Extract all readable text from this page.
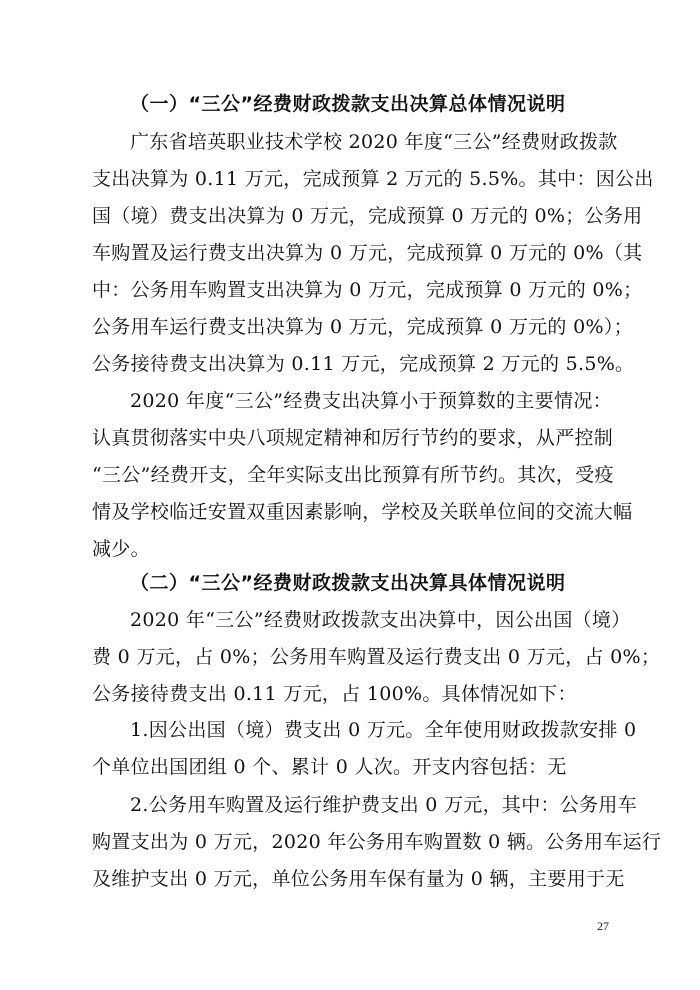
（一）“三公”经费财政拨款支出决算总体情况说明
广东省培英职业技术学校 2020 年度“三公”经费财政拨款
支出决算为 0.11 万元，完成预算 2 万元的 5.5%。其中：因公出
国（境）费支出决算为 0 万元，完成预算 0 万元的 0%；公务用
车购置及运行费支出决算为 0 万元，完成预算 0 万元的 0%（其
中：公务用车购置支出决算为 0 万元，完成预算 0 万元的 0%；
公务用车运行费支出决算为 0 万元，完成预算 0 万元的 0%）；
公务接待费支出决算为 0.11 万元，完成预算 2 万元的 5.5%。
2020 年度“三公”经费支出决算小于预算数的主要情况：
认真贯彻落实中央八项规定精神和厉行节约的要求，从严控制
“三公”经费开支，全年实际支出比预算有所节约。其次，受疫
情及学校临迁安置双重因素影响，学校及关联单位间的交流大幅
减少。
（二）“三公”经费财政拨款支出决算具体情况说明
2020 年“三公”经费财政拨款支出决算中，因公出国（境）
费 0 万元，占 0%；公务用车购置及运行费支出 0 万元，占 0%；
公务接待费支出 0.11 万元，占 100%。具体情况如下：
1.因公出国（境）费支出 0 万元。全年使用财政拨款安排 0
个单位出国团组 0 个、累计 0 人次。开支内容包括：无
2.公务用车购置及运行维护费支出 0 万元，其中：公务用车
购置支出为 0 万元，2020 年公务用车购置数 0 辆。公务用车运行
及维护支出 0 万元，单位公务用车保有量为 0 辆，主要用于无
27
